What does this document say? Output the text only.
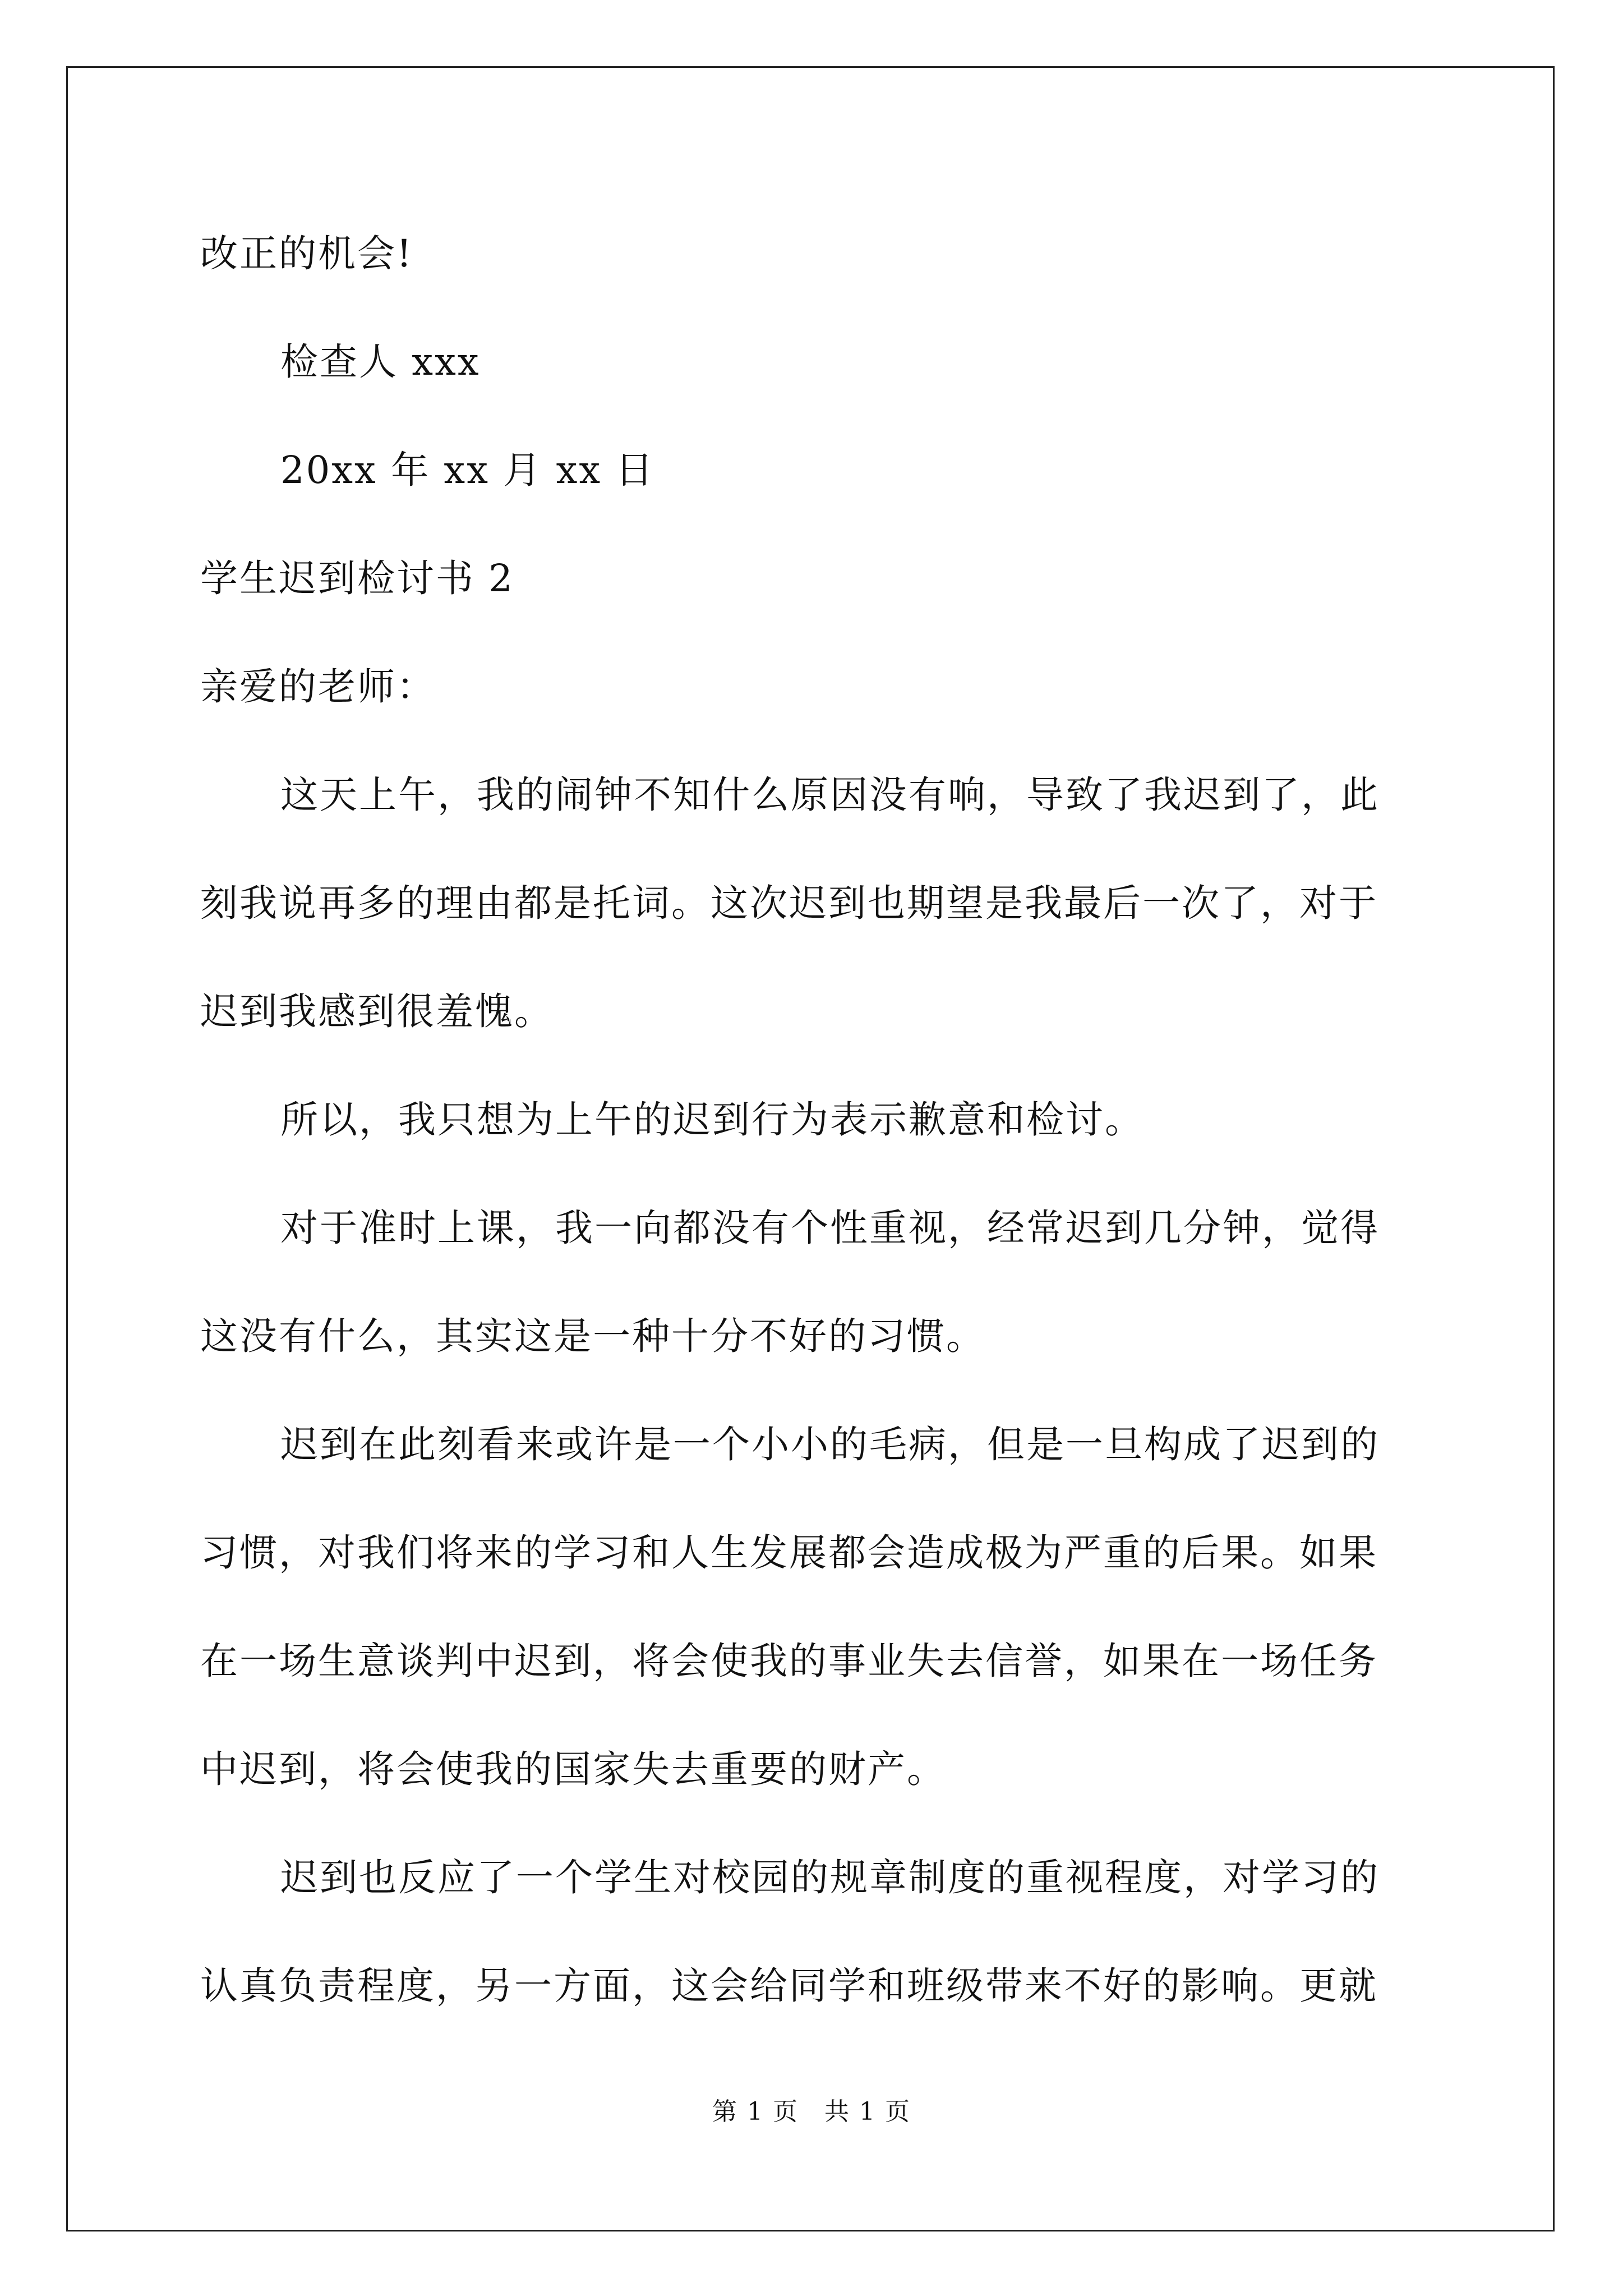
改正的机会!
检查人 xxx
20xx 年 xx 月 xx 日
学生迟到检讨书 2
亲爱的老师：
这天上午，我的闹钟不知什么原因没有响，导致了我迟到了，此
刻我说再多的理由都是托词。这次迟到也期望是我最后一次了，对于
迟到我感到很羞愧。
所以，我只想为上午的迟到行为表示歉意和检讨。
对于准时上课，我一向都没有个性重视，经常迟到几分钟，觉得
这没有什么，其实这是一种十分不好的习惯。
迟到在此刻看来或许是一个小小的毛病，但是一旦构成了迟到的
习惯，对我们将来的学习和人生发展都会造成极为严重的后果。如果
在一场生意谈判中迟到，将会使我的事业失去信誉，如果在一场任务
中迟到，将会使我的国家失去重要的财产。
迟到也反应了一个学生对校园的规章制度的重视程度，对学习的
认真负责程度，另一方面，这会给同学和班级带来不好的影响。更就
第 1 页　共 1 页
